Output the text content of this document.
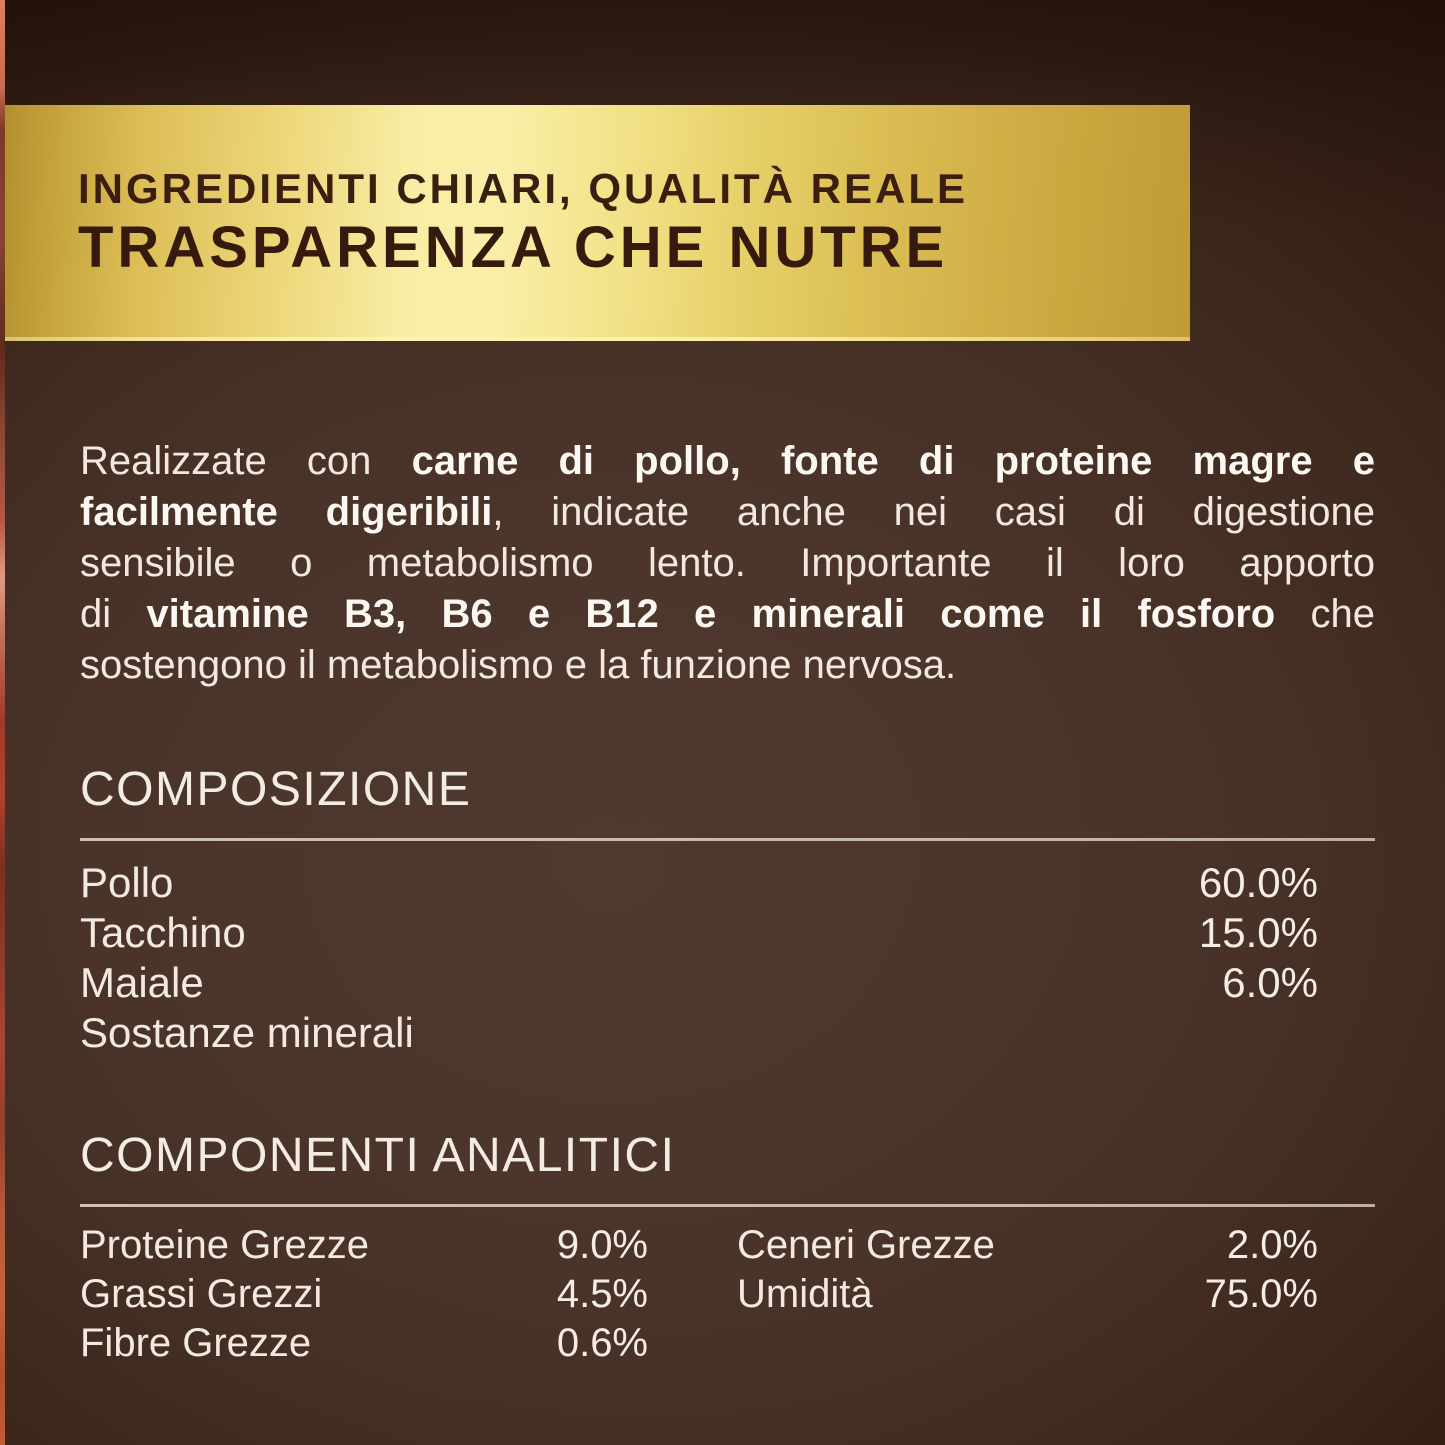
INGREDIENTI CHIARI, QUALITÀ REALE
TRASPARENZA CHE NUTRE
Realizzate con carne di pollo, fonte di proteine magre e
facilmente digeribili, indicate anche nei casi di digestione
sensibile o metabolismo lento. Importante il loro apporto
di vitamine B3, B6 e B12 e minerali come il fosforo che
sostengono il metabolismo e la funzione nervosa.
COMPOSIZIONE
Pollo	60.0%
Tacchino	15.0%
Maiale	6.0%
Sostanze minerali
COMPONENTI ANALITICI
Proteine Grezze	9.0% Ceneri Grezze	2.0%
Grassi Grezzi	4.5% Umidità	75.0%
Fibre Grezze	0.6%
